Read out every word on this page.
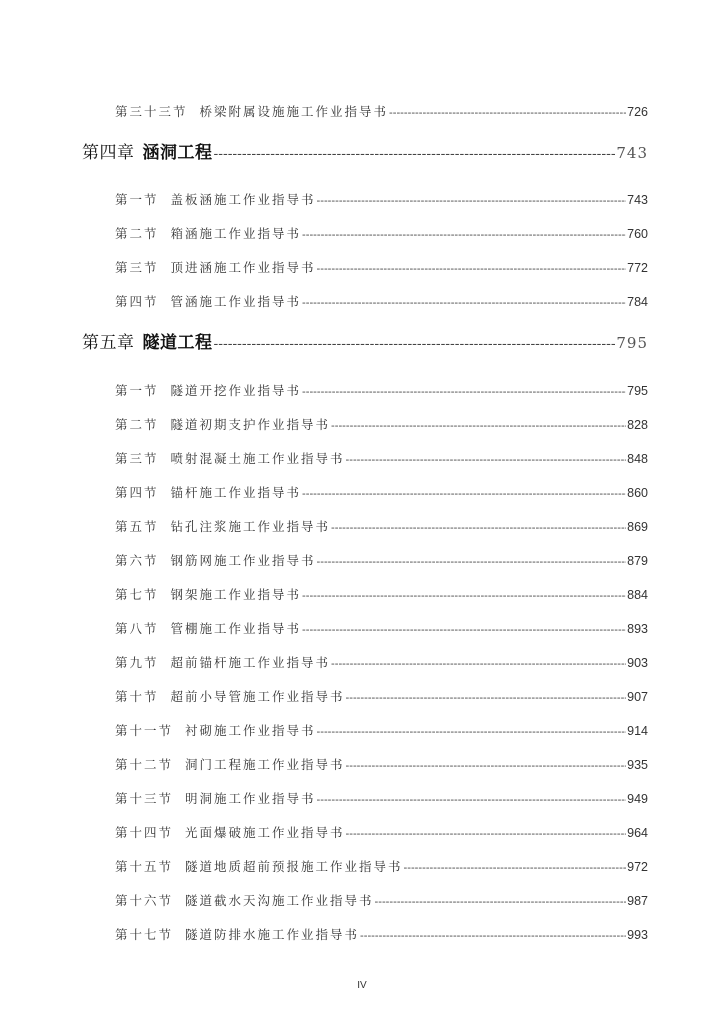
第三十三节 桥梁附属设施施工作业指导书 -----	726
第四章 涵洞工程 -----	743
第一节 盖板涵施工作业指导书 -----	743
第二节 箱涵施工作业指导书 -----	760
第三节 顶进涵施工作业指导书 -----	772
第四节 管涵施工作业指导书 -----	784
第五章 隧道工程 -----	795
第一节 隧道开挖作业指导书 -----	795
第二节 隧道初期支护作业指导书 -----	828
第三节 喷射混凝土施工作业指导书 -----	848
第四节 锚杆施工作业指导书 -----	860
第五节 钻孔注浆施工作业指导书 -----	869
第六节 钢筋网施工作业指导书 -----	879
第七节 钢架施工作业指导书 -----	884
第八节 管棚施工作业指导书 -----	893
第九节 超前锚杆施工作业指导书 -----	903
第十节 超前小导管施工作业指导书 -----	907
第十一节 衬砌施工作业指导书 -----	914
第十二节 洞门工程施工作业指导书 -----	935
第十三节 明洞施工作业指导书 -----	949
第十四节 光面爆破施工作业指导书 -----	964
第十五节 隧道地质超前预报施工作业指导书 -----	972
第十六节 隧道截水天沟施工作业指导书 -----	987
第十七节 隧道防排水施工作业指导书 -----	993
IV
